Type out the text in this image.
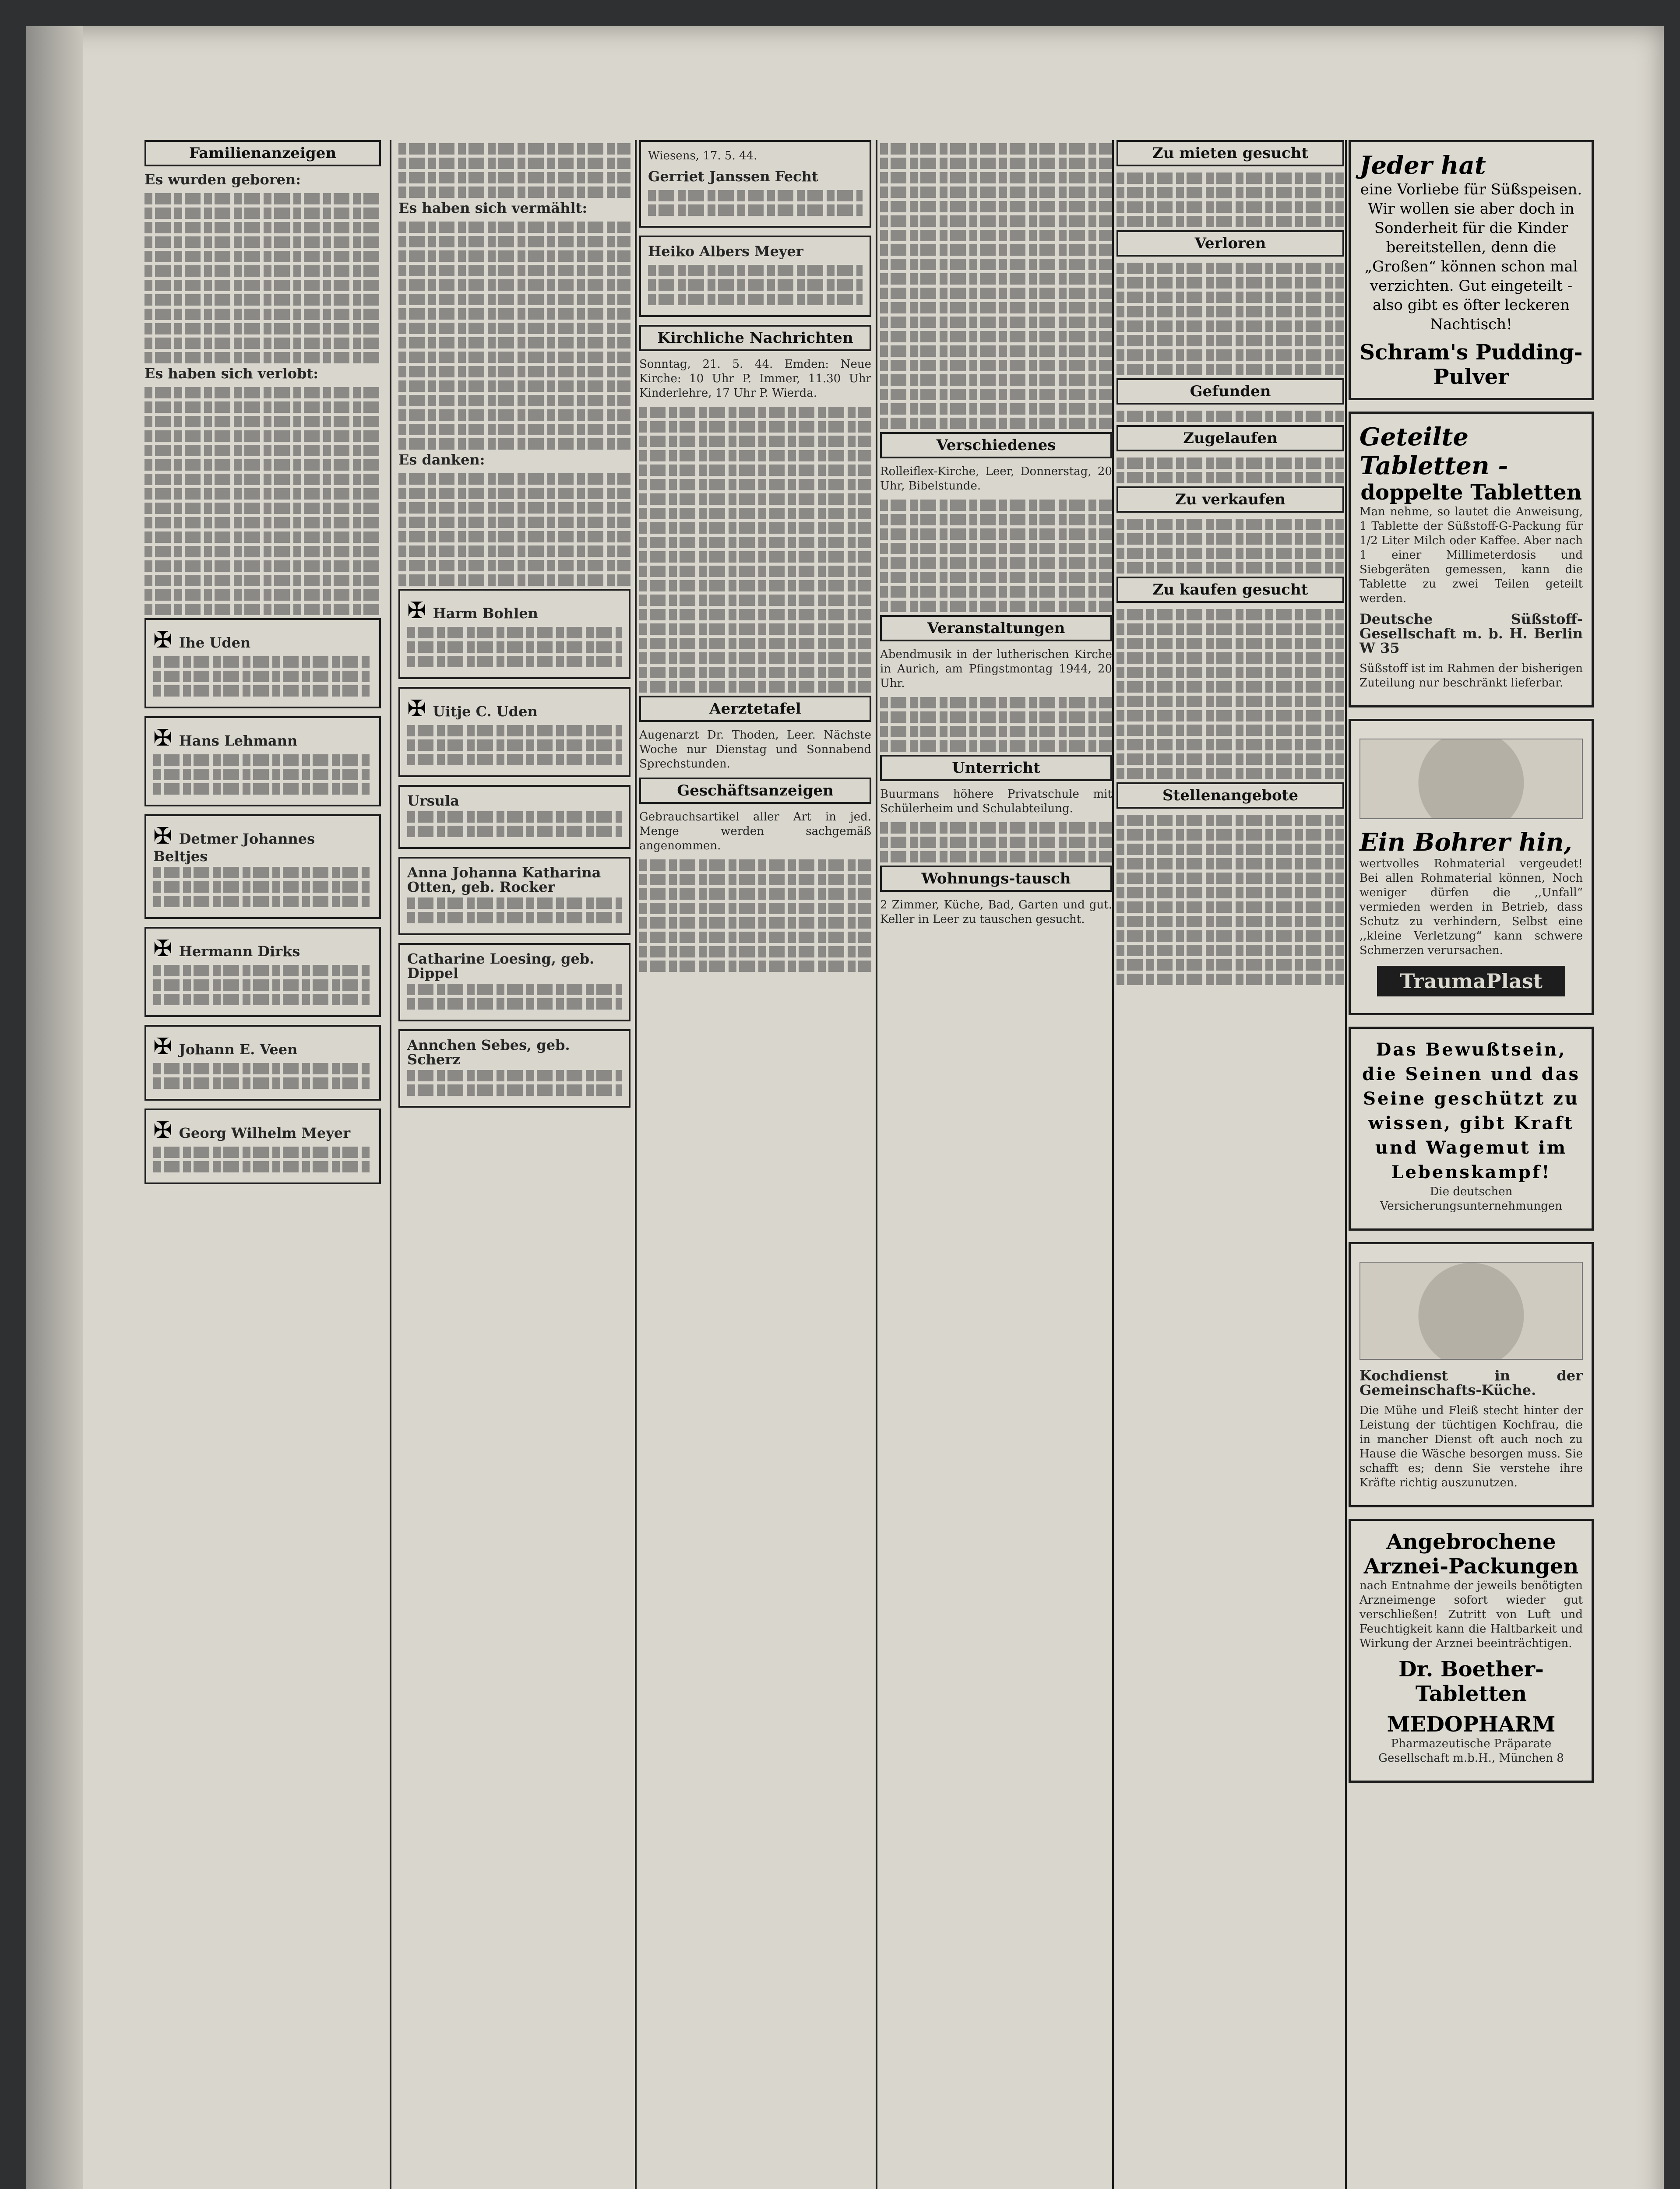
Familienanzeigen
Es wurden geboren:
Es haben sich verlobt:
✠ Ihe Uden
✠ Hans Lehmann
✠ Detmer Johannes Beltjes
✠ Hermann Dirks
✠ Johann E. Veen
✠ Georg Wilhelm Meyer
Es haben sich vermählt:
Es danken:
✠ Harm Bohlen
✠ Uitje C. Uden
Ursula
Anna Johanna Katharina Otten, geb. Rocker
Catharine Loesing, geb. Dippel
Annchen Sebes, geb. Scherz
Wiesens, 17. 5. 44.
Gerriet Janssen Fecht
Heiko Albers Meyer
Kirchliche Nachrichten
Sonntag, 21. 5. 44. Emden: Neue Kirche: 10 Uhr P. Immer, 11.30 Uhr Kinderlehre, 17 Uhr P. Wierda.
Aerztetafel
Augenarzt Dr. Thoden, Leer. Nächste Woche nur Dienstag und Sonnabend Sprechstunden.
Geschäftsanzeigen
Gebrauchsartikel aller Art in jed. Menge werden sachgemäß angenommen.
Verschiedenes
Rolleiflex-Kirche, Leer, Donnerstag, 20 Uhr, Bibelstunde.
Veranstaltungen
Abendmusik in der lutherischen Kirche in Aurich, am Pfingstmontag 1944, 20 Uhr.
Unterricht
Buurmans höhere Privatschule mit Schülerheim und Schulabteilung.
Wohnungs-tausch
2 Zimmer, Küche, Bad, Garten und gut. Keller in Leer zu tauschen gesucht.
Zu mieten gesucht
Verloren
Gefunden
Zugelaufen
Zu verkaufen
Zu kaufen gesucht
Stellenangebote
Jeder hat
eine Vorliebe für Süßspeisen. Wir wollen sie aber doch in Sonderheit für die Kinder bereitstellen, denn die „Großen“ können schon mal verzichten. Gut eingeteilt - also gibt es öfter leckeren Nachtisch!
Schram's Pudding-Pulver
Geteilte Tabletten -
doppelte Tabletten
Man nehme, so lautet die Anweisung, 1 Tablette der Süßstoff-G-Packung für 1/2 Liter Milch oder Kaffee. Aber nach 1 einer Millimeterdosis und Siebgeräten gemessen, kann die Tablette zu zwei Teilen geteilt werden.
Deutsche Süßstoff-Gesellschaft m. b. H. Berlin W 35
Süßstoff ist im Rahmen der bisherigen Zuteilung nur beschränkt lieferbar.
Ein Bohrer hin,
wertvolles Rohmaterial vergeudet! Bei allen Rohmaterial können, Noch weniger dürfen die ,,Unfall“ vermieden werden in Betrieb, dass Schutz zu verhindern, Selbst eine ,,kleine Verletzung“ kann schwere Schmerzen verursachen.
TraumaPlast
Das Bewußtsein, die Seinen und das Seine geschützt zu wissen, gibt Kraft und Wagemut im Lebenskampf!
Die deutschen Versicherungsunternehmungen
Kochdienst in der Gemeinschafts-Küche.
Die Mühe und Fleiß stecht hinter der Leistung der tüchtigen Kochfrau, die in mancher Dienst oft auch noch zu Hause die Wäsche besorgen muss. Sie schafft es; denn Sie verstehe ihre Kräfte richtig auszunutzen.
Angebrochene Arznei-Packungen
nach Entnahme der jeweils benötigten Arzneimenge sofort wieder gut verschließen! Zutritt von Luft und Feuchtigkeit kann die Haltbarkeit und Wirkung der Arznei beeinträchtigen.
Dr. Boether-Tabletten
MEDOPHARM
Pharmazeutische Präparate Gesellschaft m.b.H., München 8
